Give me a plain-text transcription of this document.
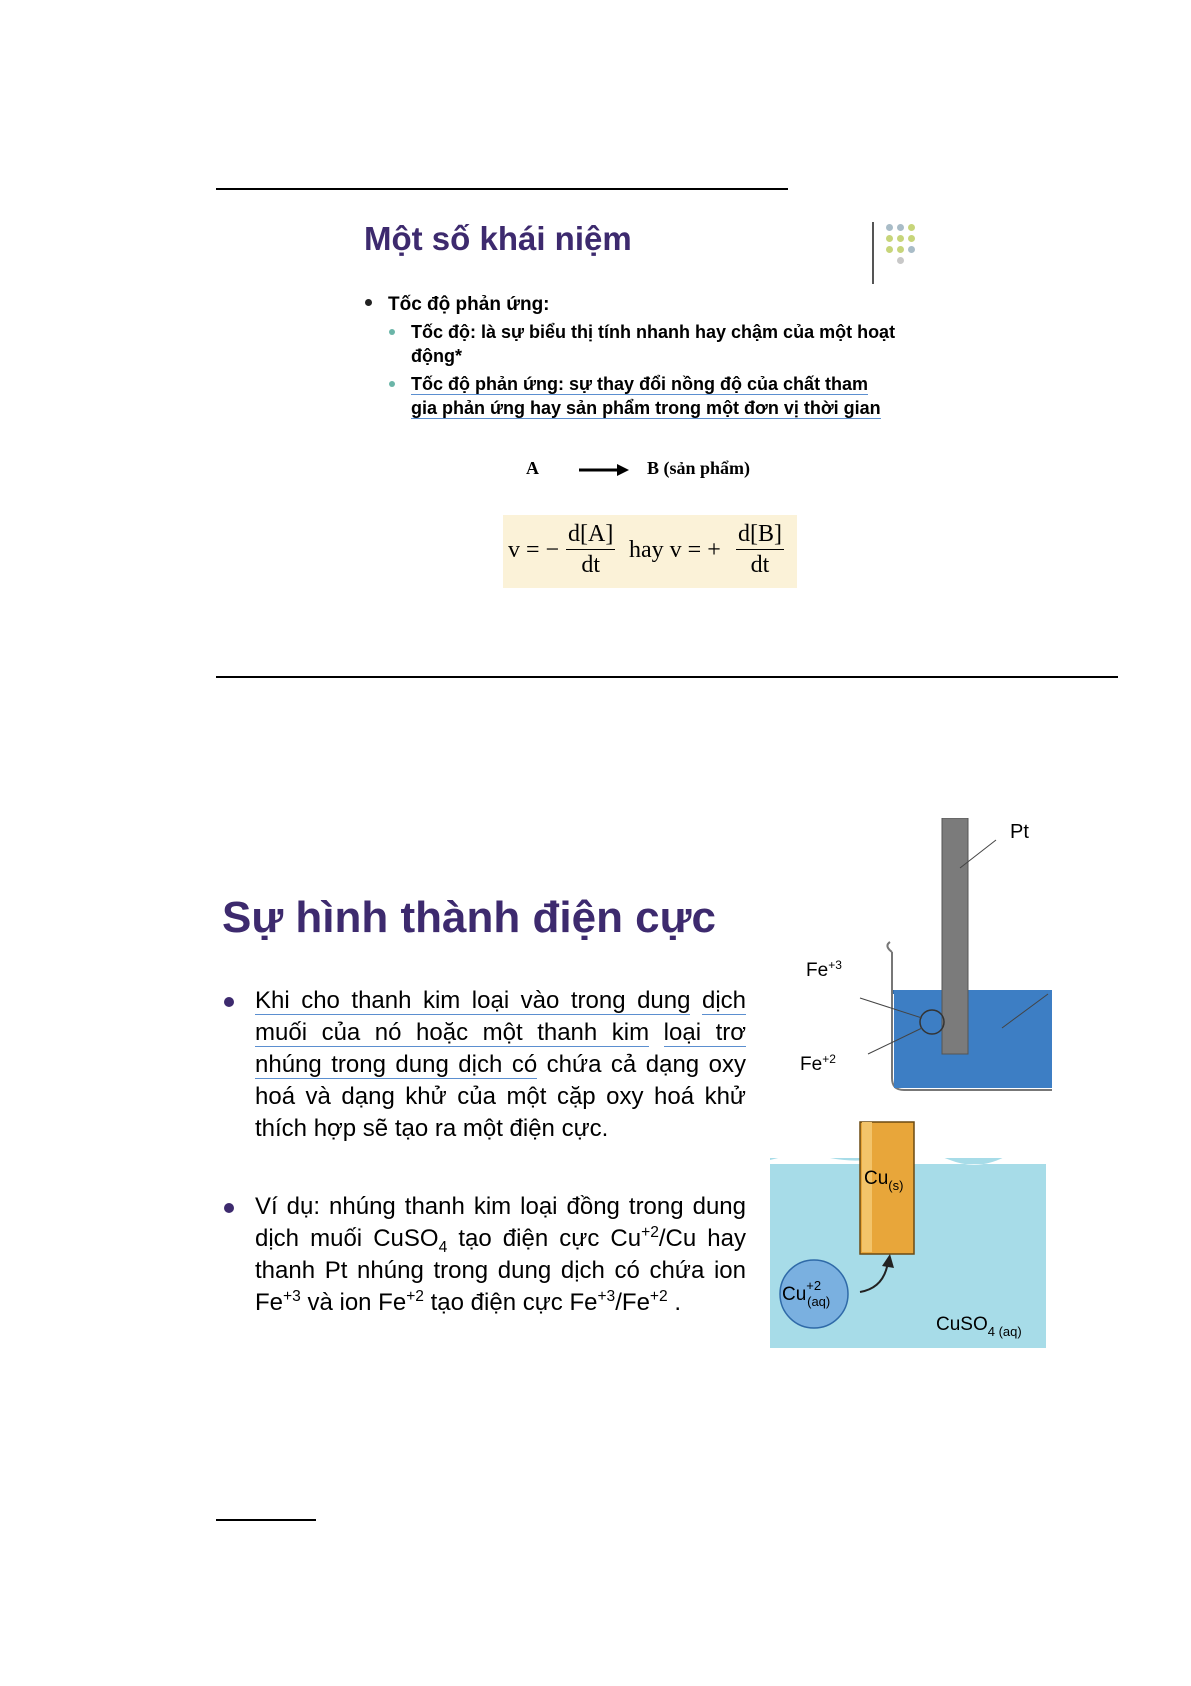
Một số khái niệm
Tốc độ phản ứng:
Tốc độ: là sự biểu thị tính nhanh hay chậm của một hoạt động*
Tốc độ phản ứng: sự thay đổi nồng độ của chất tham
gia phản ứng hay sản phẩm trong một đơn vị thời gian
A	B (sản phẩm)
v = − $\frac{d[A]}{dt}$ hay v = + $\frac{d[B]}{dt}$
Sự hình thành điện cực
Khi cho thanh kim loại vào trong dung dịch muối của nó hoặc một thanh kim loại trơ nhúng trong dung dịch có chứa cả dạng oxy hoá và dạng khử của một cặp oxy hoá khử thích hợp sẽ tạo ra một điện cực.
Ví dụ: nhúng thanh kim loại đồng trong dung dịch muối CuSO$_4$ tạo điện cực $Cu^{+2}/Cu$ hay thanh Pt nhúng trong dung dịch có chứa ion $Fe^{+3}$ và ion $Fe^{+2}$ tạo điện cực $Fe^{+3}/Fe^{+2}$ .
Pt
$Fe^{+3}$
$Fe^{+2}$
$Cu_{(s)}$
$Cu^{+2}$ (aq)
CuSO$_{4 (aq)}$
